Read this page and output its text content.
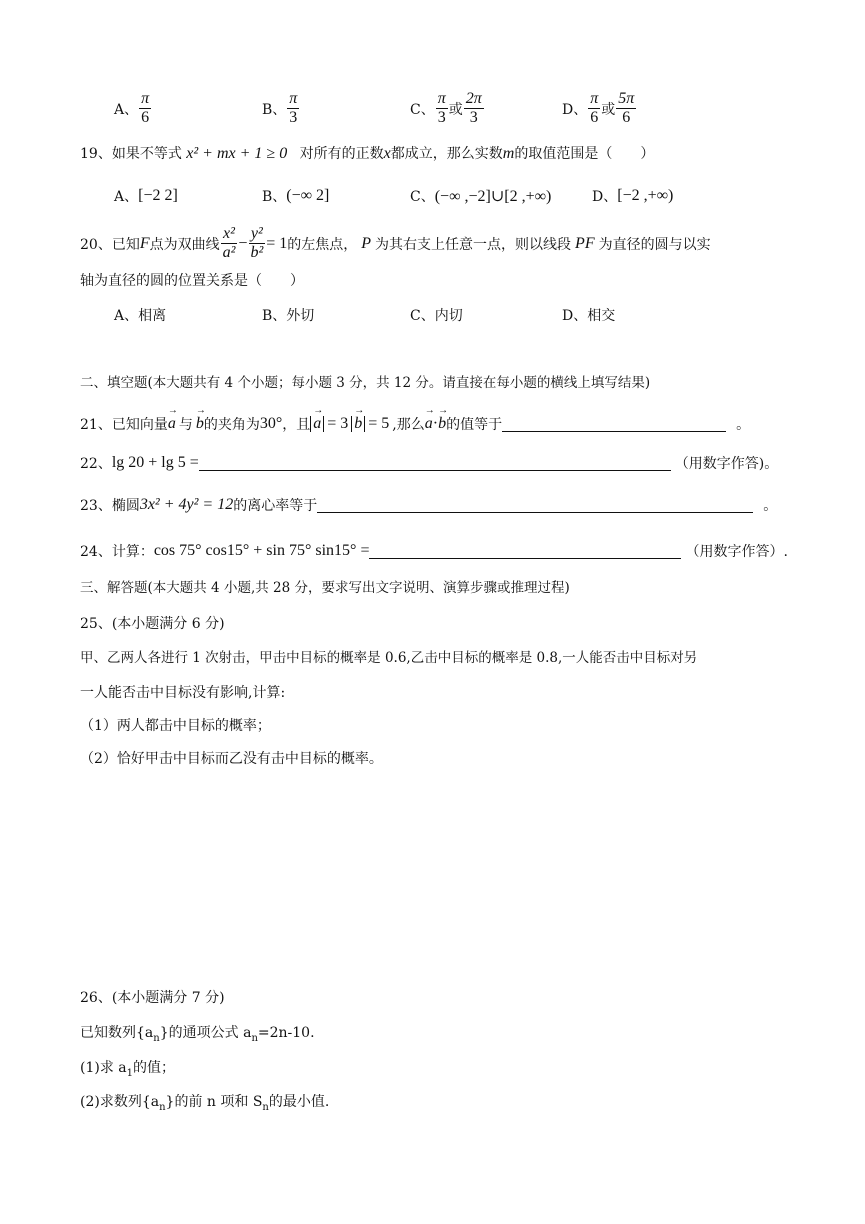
A、 $\frac{\pi}{6}$	B、 $\frac{\pi}{3}$	C、 $\frac{\pi}{3}$ 或 $\frac{2\pi}{3}$	D、 $\frac{\pi}{6}$ 或 $\frac{5\pi}{6}$
19、如果不等式 x² + mx + 1 ≥ 0 对所有的正数x都成立，那么实数m的取值范围是（　　）
A、 [−2 2]	B、 (−∞ 2]	C、 (−∞ ,−2]∪[2 ,+∞)	D、 [−2 ,+∞)
20、已知 F 点为双曲线 $\frac{\text{x²}}{\text{a²}} - \frac{\text{y²}}{\text{b²}} = 1$ 的左焦点， P 为其右支上任意一点，则以线段 PF 为直径的圆与以实
轴为直径的圆的位置关系是（　　）
A、相离	B、外切	C、内切	D、相交
二、填空题(本大题共有 4 个小题；每小题 3 分，共 12 分。请直接在每小题的横线上填写结果)
21、已知向量 → a 与 → b 的夹角为 30° ，且 → a = 3 → b = 5 ,那么 → a · → b 的值等于	。
22、 lg 20 + lg 5 =	（用数字作答)。
23、椭圆 3x² + 4y² = 12 的离心率等于	。
24、计算： cos 75° cos15° + sin 75° sin15° =	（用数字作答）.
三、解答题(本大题共 4 小题,共 28 分，要求写出文字说明、演算步骤或推理过程)
25、(本小题满分 6 分)
甲、乙两人各进行 1 次射击，甲击中目标的概率是 0.6,乙击中目标的概率是 0.8,一人能否击中目标对另
一人能否击中目标没有影响,计算:
（1）两人都击中目标的概率；
（2）恰好甲击中目标而乙没有击中目标的概率。
26、(本小题满分 7 分)
已知数列$\{a_n\}$的通项公式 $a_n=2n-10$.
(1)求 $a_1$的值；
(2)求数列$\{a_n\}$的前 n 项和 $S_n$的最小值.
